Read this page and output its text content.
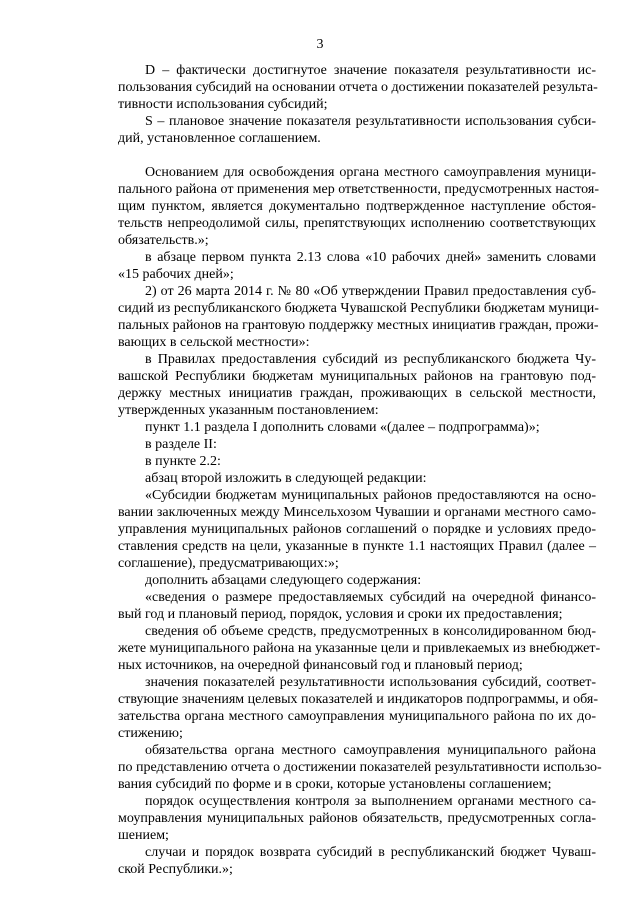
3
D – фактически достигнутое значение показателя результативности ис-
пользования субсидий на основании отчета о достижении показателей результа-
тивности использования субсидий;
S – плановое значение показателя результативности использования субси-
дий, установленное соглашением.
Основанием для освобождения органа местного самоуправления муници-
пального района от применения мер ответственности, предусмотренных настоя-
щим пунктом, является документально подтвержденное наступление обстоя-
тельств непреодолимой силы, препятствующих исполнению соответствующих
обязательств.»;
в абзаце первом пункта 2.13 слова «10 рабочих дней» заменить словами
«15 рабочих дней»;
2) от 26 марта 2014 г. № 80 «Об утверждении Правил предоставления суб-
сидий из республиканского бюджета Чувашской Республики бюджетам муници-
пальных районов на грантовую поддержку местных инициатив граждан, прожи-
вающих в сельской местности»:
в Правилах предоставления субсидий из республиканского бюджета Чу-
вашской Республики бюджетам муниципальных районов на грантовую под-
держку местных инициатив граждан, проживающих в сельской местности,
утвержденных указанным постановлением:
пункт 1.1 раздела I дополнить словами «(далее – подпрограмма)»;
в разделе II:
в пункте 2.2:
абзац второй изложить в следующей редакции:
«Субсидии бюджетам муниципальных районов предоставляются на осно-
вании заключенных между Минсельхозом Чувашии и органами местного само-
управления муниципальных районов соглашений о порядке и условиях предо-
ставления средств на цели, указанные в пункте 1.1 настоящих Правил (далее –
соглашение), предусматривающих:»;
дополнить абзацами следующего содержания:
«сведения о размере предоставляемых субсидий на очередной финансо-
вый год и плановый период, порядок, условия и сроки их предоставления;
сведения об объеме средств, предусмотренных в консолидированном бюд-
жете муниципального района на указанные цели и привлекаемых из внебюджет-
ных источников, на очередной финансовый год и плановый период;
значения показателей результативности использования субсидий, соответ-
ствующие значениям целевых показателей и индикаторов подпрограммы, и обя-
зательства органа местного самоуправления муниципального района по их до-
стижению;
обязательства органа местного самоуправления муниципального района
по представлению отчета о достижении показателей результативности использо-
вания субсидий по форме и в сроки, которые установлены соглашением;
порядок осуществления контроля за выполнением органами местного са-
моуправления муниципальных районов обязательств, предусмотренных согла-
шением;
случаи и порядок возврата субсидий в республиканский бюджет Чуваш-
ской Республики.»;
